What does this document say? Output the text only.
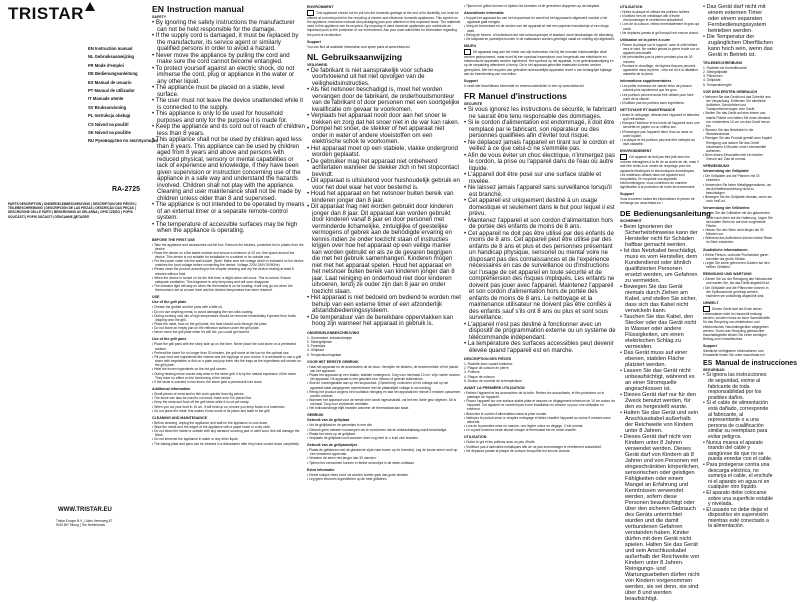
TRISTAR
EN Instruction manual
NL Gebruiksaanwijzing
FR Mode d'emploi
DE Bedienungsanleitung
ES Manual de usuario
PT Manual de utilizador
IT Manuale utente
SV Bruksanvisning
PL Instrukcja obsługi
CS Návod na použití
SK Návod na použitie
RU Руководство по эксплуатации
RA-2725
PARTS DESCRIPTION | ONDERDELENBESCHRIJVING | DESCRIPTION DES PIÈCES | TEILEBESCHREIBUNG | DESCRIPCIÓN DE LAS PIEZAS | DESCRIÇÃO DAS PEÇAS | DESCRIZIONE DELLE PARTI | BESKRIVNING AV DELARNA | OPIS CZĘŚCI | POPIS SOUČÁSTÍ | POPIS SÚČASTÍ | ОПИСАНИЕ ДЕТАЛЕЙ
WWW.TRISTAR.EU
Tristar Europe B.V. | Jules Verneweg 87
5015 BH Tilburg | The Netherlands
EN Instruction manual
SAFETY

• By ignoring the safety instructions the manufacturer can not be held responsible for the damage.

• If the supply cord is damaged, it must be replaced by the manufacturer, its service agent or similarly qualified persons in order to avoid a hazard.

• Never move the appliance by pulling the cord and make sure the cord cannot become entangled.

• To protect yourself against an electric shock, do not immerse the cord, plug or appliance in the water or any other liquid.

• The appliance must be placed on a stable, level surface.

• The user must not leave the device unattended while it is connected to the supply.

• This appliance is only to be used for household purposes and only for the purpose it is made for.

• Keep the appliance and its cord out of reach of children less than 8 years.

• This appliance shall not be used by children aged less than 8 years. This appliance can be used by children aged from 8 years and above and persons with reduced physical, sensory or mental capabilities or lack of experience and knowledge, if they have been given supervision or instruction concerning use of the appliance in a safe way and understand the hazards involved. Children shall not play with the appliance. Cleaning and user maintenance shall not be made by children unless older than 8 and supervised.

• The appliance is not intended to be operated by means of an external timer or a separate remote-control system.

• The temperature of accessible surfaces may be high when the appliance is operating.

BEFORE THE FIRST USE

• Take the appliance and accessories out the box. Remove the stickers, protective foil or plastic from the device.

• Place the device on a flat stable surface and ensure a minimum of 10 cm. free space around the device. This device is not suitable for installation in a cabinet or for outside use.

• Put the power cable into the wall socket. (Note: Make sure the voltage which is indicated on the device matches the local voltage before connecting the device. Voltage 220V-240V 50/60Hz)

• Please clean the product according to the chapter cleaning and dry the device heating at least 5 minutes without food.

• When the device is turned on for the first time, a slight odour will occur. This is normal. Ensure adequate ventilation. This fragrance is only temporary and will soon disappear.

• The indicator light will stay on when the thermostat is on for heating; it will only go out when the thermostat is set at a lower level and the desired temperature has been reached.

USE
Use of the grill plate

• Grease the griddle and the pans with a little oil.

• Do not use anything metal, to avoid damaging the non-stick coating.

• During cooking only oils of high temperature should be removed immediately if grease from foods dripping onto the grill.

• Place the meat, food on the grill plate, the heat should cook through the plate.

• Do not leave an empty pan on the reflection surface under the grill plate.

• Never move the grill plate when it's still hot; you could get burned.

Use of the grill pans

• Place the grill pans with the shiny side up on the farm. Never place the cold stone on a preheated surface.

• Preheat the stone for no longer than 30 minutes, the grill stone at the low for the optimal use.

• Fill your food and ingredients like cheese and the toppings of your choice. It is advisable to use a grill stone with vegetables or fish on a plate and pop them into the trays as the ingredients will remain on the grill plate.

• Heat the frozen ingredients on the hot grill stones.

• During heating minor cracks may arise in the stone grill; it is by the natural expansion of the stone. They have no effect on the functioning of the device.

• If the stone is cracked in two times, the stone gets a permanent hair crack.

Additional information

• Small pieces of meat and/or fish cook quicker than big pieces.

• The stone can also be used to cut meat, make sure it is placed flat.

• Keep the meat and food off the grill stone while it is not yet ready.

• When you cut your food in 15 cm. it will heat up so; ensure you keep foods to a maximum.

• Do not place the meat; this makes it lose some of its juices and taste to the grill.

CLEANING AND MAINTENANCE

• Before cleaning, unplug the appliance and wait for the appliance to cool down.

• Wipe the inside and the edges of the appliance with a paper towel or a dry cloth.

• Do not clean the inside or outside with any abrasive scouring pad or steel wool, this will damage the finish.

• Do not immerse the appliance in water or any other liquid.

• The baking plate and pans can be cleaned in a dishwasher after they have cooled down completely.

ENVIRONMENT
This appliance should not be put into the domestic garbage at the end of its durability, but must be offered at a central point for the recycling of electric and electronic domestic appliances. This symbol on the appliance, instruction manual and packaging puts your attention to this important issue. The materials used in this appliance can be recycled. By recycling of used domestic appliances you contribute an important push to the protection of our environment. Ask your local authorities for information regarding the point of recollection.
Support

You can find all available information and spare parts at www.tristar.eu!

NL Gebruiksaanwijzing
VEILIGHEID

• De fabrikant is niet aansprakelijk voor schade voortvloeiend uit het niet opvolgen van de veiligheidsinstructies.

• Als het netsnoer beschadigd is, moet het worden vervangen door de fabrikant, de onderhoudsmonteur van de fabrikant of door personen met een soortgelijke kwalificatie om gevaar te voorkomen.

• Verplaats het apparaat nooit door aan het snoer te trekken en zorg dat het snoer niet in de war kan raken.

• Dompel het snoer, de stekker of het apparaat niet onder in water of andere vloeistoffen om een elektrische schok te voorkomen.

• Het apparaat moet op een stabiele, vlakke ondergrond worden geplaatst.

• De gebruiker mag het apparaat niet onbeheerd achterlaten wanneer de stekker zich in het stopcontact bevindt.

• Dit apparaat is uitsluitend voor huishoudelijk gebruik en voor het doel waar het voor bestemd is.

• Houd het apparaat en het netsnoer buiten bereik van kinderen jonger dan 8 jaar.

• Dit apparaat mag niet worden gebruikt door kinderen jonger dan 8 jaar. Dit apparaat kan worden gebruikt door kinderen vanaf 8 jaar en door personen met verminderde lichamelijke, zintuiglijke of geestelijke vermogens of gebrek aan de benodigde ervaring en kennis indien ze onder toezicht staan of instructies krijgen over hoe het apparaat op een veilige manier kan worden gebruikt en als ze de gevaren begrijpen die met het gebruik samenhangen. Kinderen mogen niet met het apparaat spelen. Houd het apparaat en het netsnoer buiten bereik van kinderen jonger dan 8 jaar. Laat reiniging en onderhoud niet door kinderen uitvoeren, tenzij ze ouder zijn dan 8 jaar en onder toezicht staan.

• Het apparaat is niet bedoeld om bediend te worden met behulp van een externe timer of een afzonderlijk afstandsbedieningssysteem.

• De temperatuur van de bereikbare oppervlakken kan hoog zijn wanneer het apparaat in gebruik is.

ONDERDELENBESCHRIJVING

1. Gourmetset, indicatorlampje

2. Steengrillplaat

3. Pannetjes

4. Grillplaat

5. Temperatuurregelaar

VOOR HET EERSTE GEBRUIK

• Haal het apparaat en de accessoires uit de doos. Verwijder de stickers, de beschermfolie of het plastic van het apparaat.

• Plaats het apparaat op een vlakke, stabiele ondergrond. Zorg voor minimaal 10 cm. vrije ruimte rondom het apparaat. Dit apparaat is niet geschikt voor inbouw of gebruik buitenshuis.

• Sluit de voedingskabel aan op het stopcontact. (Opmerking: controleer of het voltage dat op het apparaat staat aangegeven overeenkomt met de plaatselijke voltage in uw woning)

• Reinig het product volgens het hoofdstuk reiniging en laat het apparaat ten minste 5 minuten opwarmen zonder voedsel.

• Wanneer het apparaat voor de eerste keer wordt ingeschakeld, zal het een lichte geur afgeven. Dit is normaal. Zorg voor voldoende ventilatie.

• Het indicatorlampje blijft branden wanneer de thermostaat aan staat.

GEBRUIK
Gebruik van de grillplaat

• Vet de grillplaat en de pannetjes in met olie.

• Gebruik geen metalen voorwerpen om te voorkomen dat de antiaanbaklaag wordt beschadigd.

• Plaats het vlees op de grillplaat.

• Verplaats de grillplaat nooit wanneer deze nog heet is; u kunt zich branden.

Gebruik van de grillpannetjes

• Plaats de grillstenen met de glanzende zijde naar boven op de boerderij. Leg de koude steen nooit op een verwarmd oppervlak.

• Verwarm de steen niet langer dan 30 minuten.

• Tijdens het verwarmen kunnen er kleine scheurtjes in de steen ontstaan.

Extra informatie

• Kleine stukjes vlees en/of vis worden sneller gaar dan grote stukken.

• Leg geen bevroren ingrediënten op de hete grillsteen.

• Tijdens het grillen kunnen er tijdens het bereiden of de gerechten druppelen op de bakplaat.

Aanvullende informatie

• Koppel het apparaat los van het stopcontact en wacht tot het apparaat is afgekoeld voordat u het apparaat gaat reinigen.

• Veeg de binnenkant en de randen van het apparaat af met een papieren handdoekje of een droge doek.

• Reinig de binnen- of buitenkant niet met schuursponsjes of staalwol, deze beschadigen de afwerking.

• De bakplaat en pannetjes kunnen in de vaatwasser worden gereinigd nadat ze volledig zijn afgekoeld.

MILIEU
Dit apparaat mag aan het einde van zijn levensduur niet bij het normale huishoudelijke afval worden gedeponeerd, maar moet bij een speciaal inzamelpunt voor hergebruik van elektrische en elektronische apparaten worden ingeleverd. Het symbool op het apparaat, in de gebruiksaanwijzing en op de verpakking attendeert u hierop. De in het apparaat gebruikte materialen kunnen worden gerecycled. Met het recyclen van gebruikte huishoudelijke apparaten levert u een belangrijke bijdrage aan de bescherming van ons milieu.
Support

U vindt alle beschikbare informatie en reserveonderdelen in een op www.tristar.eu!

FR Manuel d'instructions
SÉCURITÉ

• Si vous ignorez les instructions de sécurité, le fabricant ne saurait être tenu responsable des dommages.

• Si le cordon d'alimentation est endommagé, il doit être remplacé par le fabricant, son réparateur ou des personnes qualifiées afin d'éviter tout risque.

• Ne déplacez jamais l'appareil en tirant sur le cordon et veillez à ce que celui-ci ne s'emmêle pas.

• Afin de vous éviter un choc électrique, n'immergez pas le cordon, la prise ou l'appareil dans de l'eau ou autre liquide.

• L'appareil doit être posé sur une surface stable et nivelée.

• Ne laissez jamais l'appareil sans surveillance lorsqu'il est branché.

• Cet appareil est uniquement destiné à un usage domestique et seulement dans le but pour lequel il est prévu.

• Maintenez l'appareil et son cordon d'alimentation hors de portée des enfants de moins de 8 ans.

• Cet appareil ne doit pas être utilisé par des enfants de moins de 8 ans. Cet appareil peut être utilisé par des enfants de 8 ans et plus et des personnes présentant un handicap physique, sensoriel ou mental voire ne disposant pas des connaissances et de l'expérience nécessaires en cas de surveillance ou d'instructions sur l'usage de cet appareil en toute sécurité et de compréhension des risques impliqués. Les enfants ne doivent pas jouer avec l'appareil. Maintenez l'appareil et son cordon d'alimentation hors de portée des enfants de moins de 8 ans. Le nettoyage et la maintenance utilisateur ne doivent pas être confiés à des enfants sauf s'ils ont 8 ans ou plus et sont sous surveillance.

• L'appareil n'est pas destiné à fonctionner avec un dispositif de programmation externe ou un système de télécommande indépendant.

• La température des surfaces accessibles peut devenir élevée quand l'appareil est en marche.

DESCRIPTION DES PIÈCES

1. Raclette avec voyant lumineux

2. Plaque de cuisson en pierre

3. Poêlons

4. Plaque de cuisson

5. Bouton de contrôle de la température

AVANT LA PREMIÈRE UTILISATION

• Retirez l'appareil et les accessoires de la boîte. Retirez les autocollants, le film protecteur ou le plastique de l'appareil.

• Placez l'appareil sur une surface stable plate et assurez un dégagement minimum de 10 cm autour de l'appareil. Cet appareil ne convient pas à une installation en armoire ou pour une utilisation en extérieur.

• Branchez le cordon d'alimentation dans la prise murale.

• Nettoyez le produit selon le chapitre nettoyage et faites chauffer l'appareil au moins 5 minutes sans aliments.

• Lors de la première mise en marche, une légère odeur se dégage. C'est normal.

• Le voyant lumineux reste allumé lorsque le thermostat est en mode chauffe.

UTILISATION

• Huilez le gril et les poêlons avec un peu d'huile.

• N'utilisez pas d'ustensiles métalliques afin de ne pas endommager le revêtement antiadhésif.

• Ne déplacez jamais la plaque de cuisson lorsqu'elle est encore chaude.

UTILISATION

• Huilez la plaque et utilisez les poêlons huilées.

• N'utilisez rien de métallique afin d'éviter d'endommager le revêtement antiadhésif.

• Lors de la cuisson, retirez immédiatement le gras qui coule.

• Ne déplacez jamais le gril lorsqu'il est encore chaud.

Utilisation de la pierre à cuire

• Placez la plaque sur le support, avec le côté brillant vers le haut. Ne mettez jamais la pierre froide sur un appareil préchauffé.

• Ne préchauffez pas la pierre pendant plus de 30 minutes.

• Pendant le chauffage, de légères fissures peuvent apparaître dans la pierre ; cela est dû à la dilatation naturelle de la pierre.

Informations supplémentaires

• Les petits morceaux de viande et/ou de poisson cuisent plus rapidement que les gros.

• Les poêlons peuvent aussi être utilisés pour faire cuire de la viande.

• N'utilisez pas les poêlons sans ingrédients.

NETTOYAGE ET MAINTENANCE

• Avant le nettoyage, débranchez l'appareil et attendez qu'il refroidisse.

• Essuyez l'intérieur et les bords de l'appareil avec une serviette en papier ou un chiffon sec.

• N'immergez pas l'appareil dans l'eau ou dans un autre liquide.

• La plaque et les poêlons peuvent être nettoyés au lave-vaisselle.

ENVIRONNEMENT
Cet appareil ne doit pas être jeté avec les ordures ménagères à la fin de sa durée de vie, mais il doit être remis à un centre de recyclage pour les appareils électriques et électroniques domestiques. Les matériaux utilisés dans cet appareil sont recyclables. En recyclant vos appareils électroménagers, vous contribuez de manière significative à la protection de notre environnement.
Support

Vous trouverez toutes les informations et pièces de rechange sur www.tristar.eu !

DE Bedienungsanleitung
SICHERHEIT

• Beim Ignorieren der Sicherheitshinweise kann der Hersteller nicht für Schäden haftbar gemacht werden.

• Ist das Netzkabel beschädigt, muss es vom Hersteller, dem Kundendienst oder ähnlich qualifizierten Personen ersetzt werden, um Gefahren zu vermeiden.

• Bewegen Sie das Gerät niemals durch Ziehen am Kabel, und stellen Sie sicher, dass sich das Kabel nicht verwickeln kann.

• Tauchen Sie das Kabel, den Stecker oder das Gerät nicht in Wasser oder andere Flüssigkeiten, um einen elektrischen Schlag zu vermeiden.

• Das Gerät muss auf einer ebenen, stabilen Fläche platziert werden.

• Lassen Sie das Gerät nicht unbeaufsichtigt, während es an einer Stromquelle angeschlossen ist.

• Dieses Gerät darf nur für den Zweck benutzt werden, für den es hergestellt wurde.

• Halten Sie das Gerät und sein Anschlusskabel außerhalb der Reichweite von Kindern unter 8 Jahren.

• Dieses Gerät darf nicht von Kindern unter 8 Jahren verwendet werden. Dieses Gerät darf von Kindern ab 8 Jahren und von Personen mit eingeschränkten körperlichen, sensorischen oder geistigen Fähigkeiten oder einem Mangel an Erfahrung und Kenntnissen verwendet werden, sofern diese Personen beaufsichtigt oder über den sicheren Gebrauch des Geräts unterrichtet wurden und die damit verbundenen Gefahren verstanden haben. Kinder dürfen mit dem Gerät nicht spielen. Halten Sie das Gerät und sein Anschlusskabel außerhalb der Reichweite von Kindern unter 8 Jahren. Reinigungs- und Wartungsarbeiten dürfen nicht von Kindern vorgenommen werden, sie sei denn, sie sind über 8 und werden beaufsichtigt.

• Das Gerät darf nicht mit einem externen Timer oder einem separaten Fernbedienungssystem betrieben werden.

• Die Temperatur der zugänglichen Oberflächen kann hoch sein, wenn das Gerät in Betrieb ist.

TEILEBESCHREIBUNG

1. Raclette mit Kontrollleuchte

2. Steingrillplatte

3. Pfännchen

4. Grillplatte

5. Temperaturregler

VOR DEM ERSTEN GEBRAUCH

• Nehmen Sie das Gerät und das Zubehör aus der Verpackung. Entfernen Sie sämtliche Aufkleber, Schutzfolien und Transportsicherungen vom Gerät.

• Stellen Sie das Gerät auf eine ebene und stabile Fläche und halten Sie einen Abstand von mindestens 10 cm um das Gerät herum ein.

• Stecken Sie das Netzkabel in die Wandsteckdose.

• Reinigen Sie das Produkt gemäß dem Kapitel Reinigung und lassen Sie das Gerät mindestens 5 Minuten ohne Lebensmittel aufheizen.

• Beim ersten Einschalten tritt ein leichter Geruch auf. Das ist normal.

VERWENDUNG
Verwendung der Grillplatte

• Die Grillplatte und die Pfannen mit Öl einreiben.

• Verwenden Sie keine Metallgegenstände, um die Antihaftbeschichtung nicht zu beschädigen.

• Bewegen Sie die Grillplatte niemals, wenn sie noch heiß ist.

Verwendung der Grillsteine

• Legen Sie die Grillsteine mit der glänzenden Seite nach oben auf die Halterung. Legen Sie den kalten Stein nie auf eine vorgeheizte Fläche.

• Heizen Sie den Stein nicht länger als 30 Minuten vor.

• Während des Aufheizens können kleine Risse im Stein entstehen.

Zusätzliche Informationen

• Kleine Fleisch- und/oder Fischstücke garen schneller als große Stücke.

• Legen Sie keine gefrorenen Zutaten auf den heißen Grillstein.

REINIGUNG UND WARTUNG

• Ziehen Sie vor der Reinigung den Netzstecker und warten Sie, bis das Gerät abgekühlt ist.

• Die Grillplatte und die Pfännchen können in der Spülmaschine gereinigt werden, nachdem sie vollständig abgekühlt sind.

UMWELT
Dieses Gerät darf am Ende seiner Lebensdauer nicht im Hausmüll entsorgt werden, sondern muss an einer Sammelstelle für das Recycling von elektrischen und elektronischen Haushaltsgeräten abgegeben werden. Durch das Recycling gebrauchter Haushaltsgeräte leisten Sie einen wichtigen Beitrag zum Umweltschutz.
Support

Sämtliche verfügbaren Informationen und Ersatzteile finden Sie unter www.tristar.eu!

ES Manual de instrucciones
SEGURIDAD

• Si ignora las instrucciones de seguridad, exime al fabricante de toda responsabilidad por los posibles daños.

• Si el cable de alimentación está dañado, corresponde al fabricante, al representante o a una persona de cualificación similar su reemplazo para evitar peligros.

• Nunca mueva el aparato tirando del cable y asegúrese de que no se pueda enredar con el cable.

• Para protegerse contra una descarga eléctrica, no sumerja el cable, el enchufe ni el aparato en agua ni en cualquier otro líquido.

• El aparato debe colocarse sobre una superficie estable y nivelada.

• El usuario no debe dejar el dispositivo sin supervisión mientras esté conectado a la alimentación.
